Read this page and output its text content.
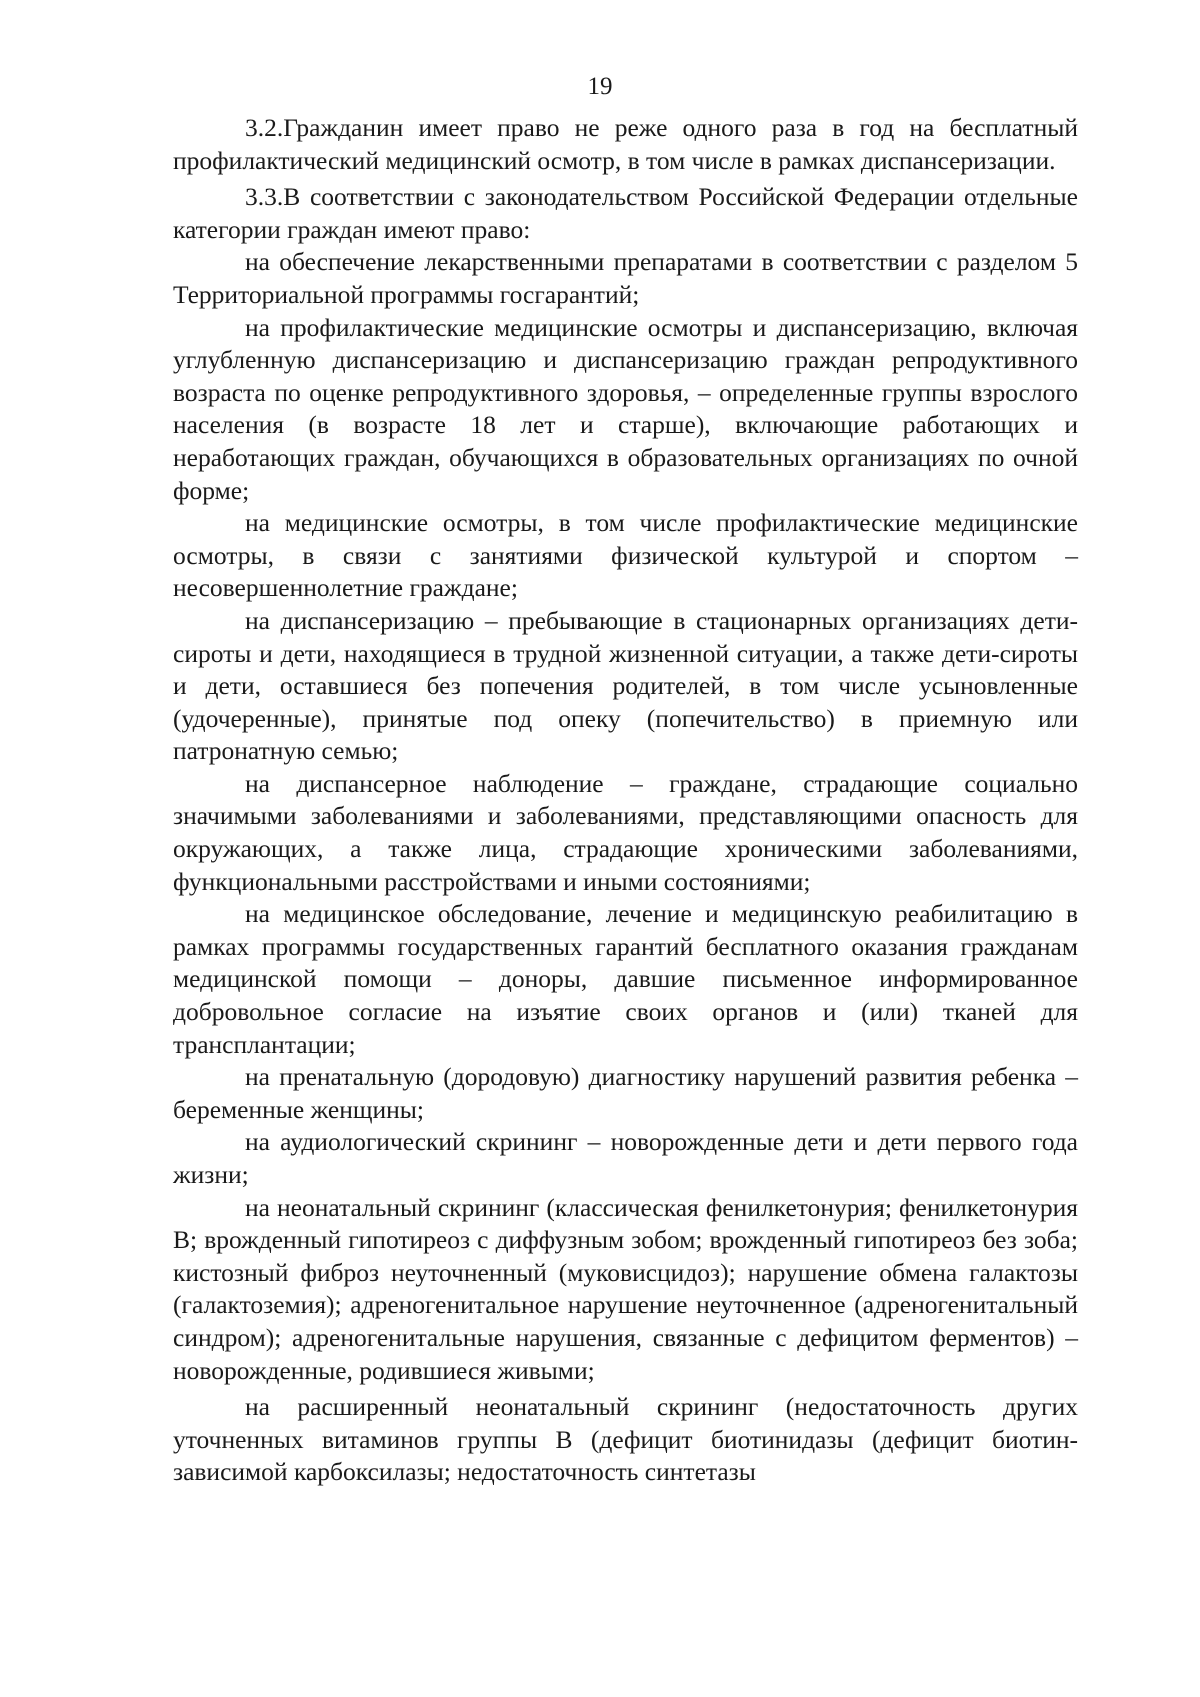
19

3.2.Гражданин имеет право не реже одного раза в год на бесплатный профилактический медицинский осмотр, в том числе в рамках диспансеризации.

3.3.В соответствии с законодательством Российской Федерации отдельные категории граждан имеют право:

на обеспечение лекарственными препаратами в соответствии с разделом 5 Территориальной программы госгарантий;

на профилактические медицинские осмотры и диспансеризацию, включая углубленную диспансеризацию и диспансеризацию граждан репродуктивного возраста по оценке репродуктивного здоровья, – определенные группы взрослого населения (в возрасте 18 лет и старше), включающие работающих и неработающих граждан, обучающихся в образовательных организациях по очной форме;

на медицинские осмотры, в том числе профилактические медицинские осмотры, в связи с занятиями физической культурой и спортом – несовершеннолетние граждане;

на диспансеризацию – пребывающие в стационарных организациях дети-сироты и дети, находящиеся в трудной жизненной ситуации, а также дети-сироты и дети, оставшиеся без попечения родителей, в том числе усыновленные (удочеренные), принятые под опеку (попечительство) в приемную или патронатную семью;

на диспансерное наблюдение – граждане, страдающие социально значимыми заболеваниями и заболеваниями, представляющими опасность для окружающих, а также лица, страдающие хроническими заболеваниями, функциональными расстройствами и иными состояниями;

на медицинское обследование, лечение и медицинскую реабилитацию в рамках программы государственных гарантий бесплатного оказания гражданам медицинской помощи – доноры, давшие письменное информированное добровольное согласие на изъятие своих органов и (или) тканей для трансплантации;

на пренатальную (дородовую) диагностику нарушений развития ребенка – беременные женщины;

на аудиологический скрининг – новорожденные дети и дети первого года жизни;

на неонатальный скрининг (классическая фенилкетонурия; фенилкетонурия B; врожденный гипотиреоз с диффузным зобом; врожденный гипотиреоз без зоба; кистозный фиброз неуточненный (муковисцидоз); нарушение обмена галактозы (галактоземия); адреногенитальное нарушение неуточненное (адреногенитальный синдром); адреногенитальные нарушения, связанные с дефицитом ферментов) – новорожденные, родившиеся живыми;

на расширенный неонатальный скрининг (недостаточность других уточненных витаминов группы B (дефицит биотинидазы (дефицит биотин-зависимой карбоксилазы; недостаточность синтетазы
